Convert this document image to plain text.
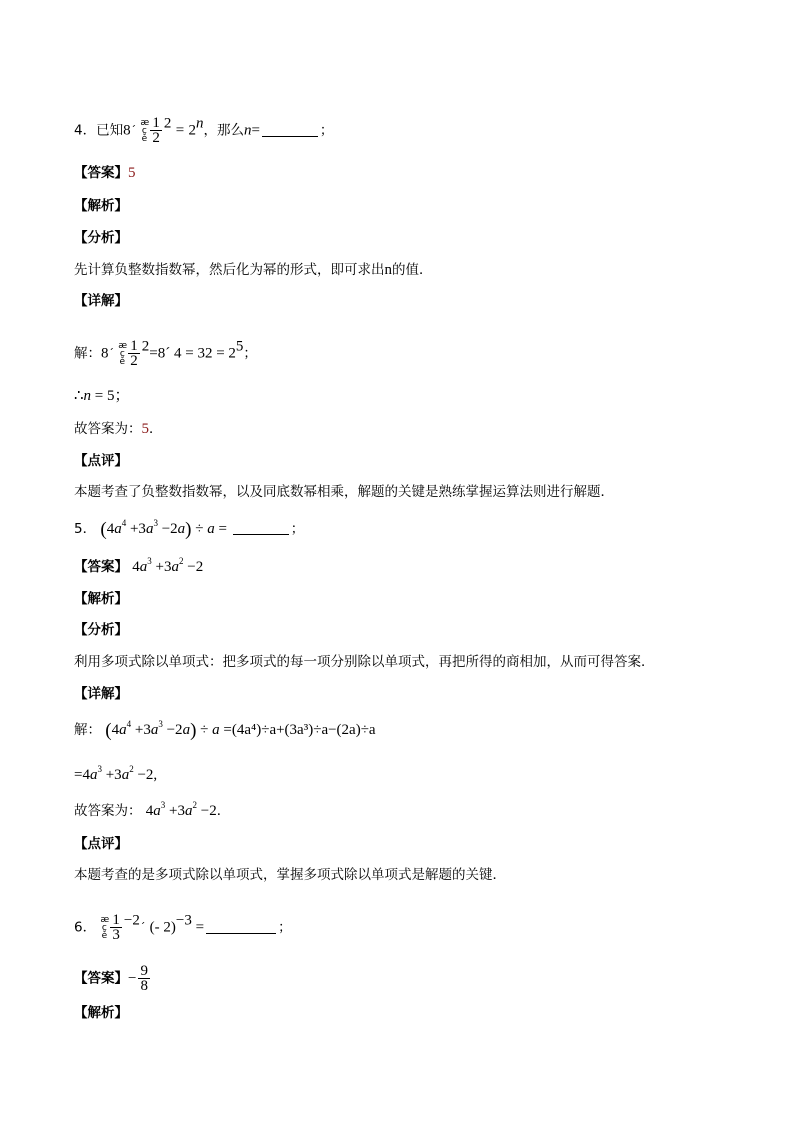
4．已知8´
æ
ç
è $\frac{1}{2} ^2 = 2^n$，那么n=	；
【答案】5
【解析】
【分析】
先计算负整数指数幂，然后化为幂的形式，即可求出n的值．
【详解】
解：8´
æ
ç
è $\frac{1}{2}$ $^2$=8´ $4 = 32 = 2^5$；
∴n = 5；
故答案为：5．
【点评】
本题考查了负整数指数幂，以及同底数幂相乘，解题的关键是熟练掌握运算法则进行解题．
5． $(4a^4 +3a^3 -2a) \div a$ =	；
【答案】 $4a^3 +3a^2 -2$
【解析】
【分析】
利用多项式除以单项式：把多项式的每一项分别除以单项式，再把所得的商相加，从而可得答案．
【详解】
解： $(4a^4 +3a^3 -2a) \div a =(4a^4)\div a+(3a^3)\div a-(2a)\div a$
$=4a^3 +3a^2 -2$,
故答案为： $4a^3 +3a^2 -2$．
【点评】
本题考查的是多项式除以单项式，掌握多项式除以单项式是解题的关键．
6． æ
ç
è $\frac{1}{3}$ $^{-2}$´ (- 2)$^{-3}$ =	；
【答案】− $\frac{9}{8}$
【解析】
